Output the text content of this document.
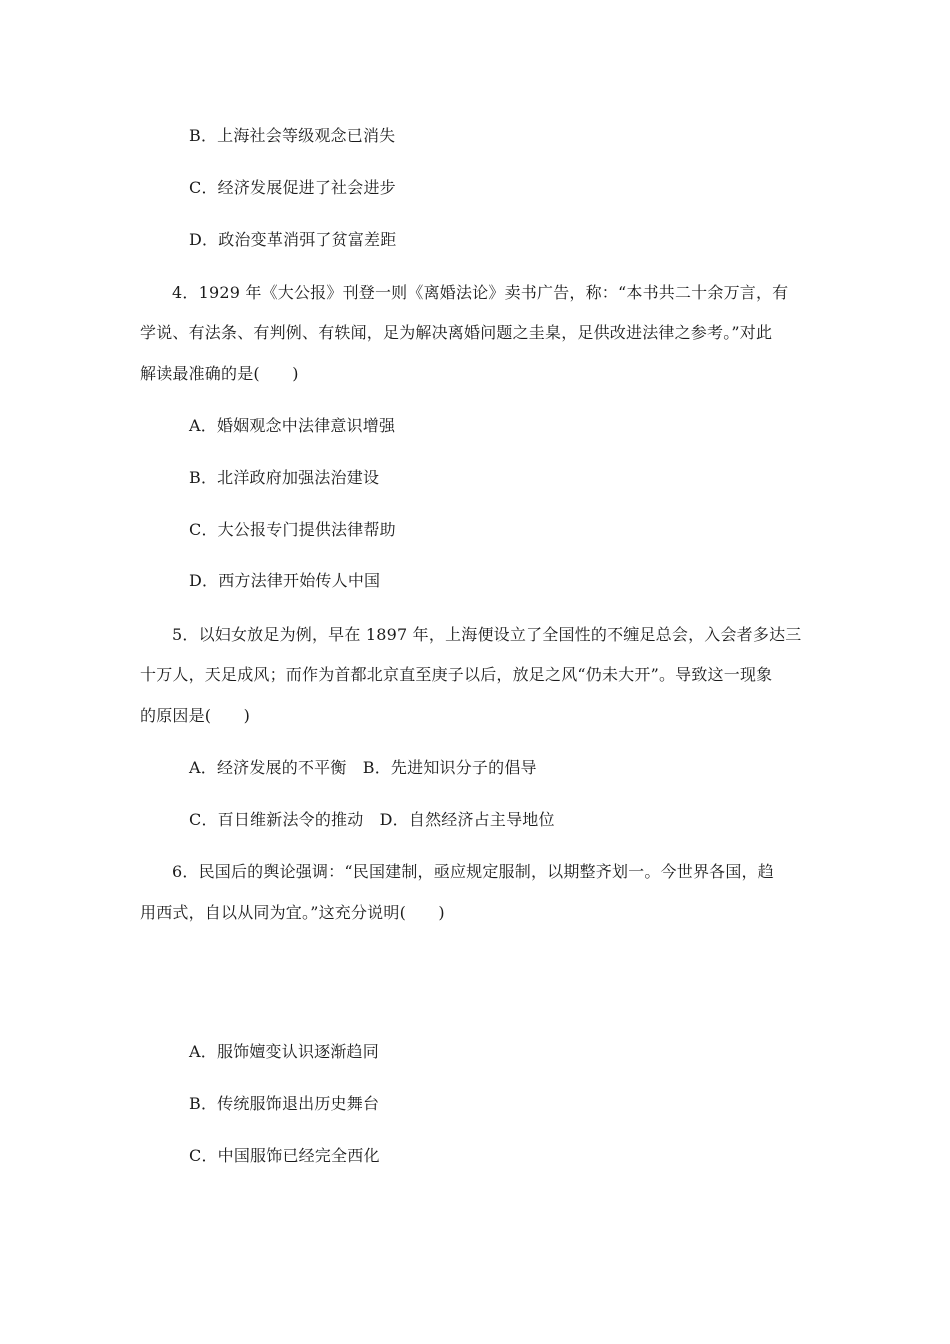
B．上海社会等级观念已消失
C．经济发展促进了社会进步
D．政治变革消弭了贫富差距
4．1929 年《大公报》刊登一则《离婚法论》卖书广告，称：“本书共二十余万言，有
学说、有法条、有判例、有轶闻，足为解决离婚问题之圭臬，足供改进法律之参考。”对此
解读最准确的是(　　)
A．婚姻观念中法律意识增强
B．北洋政府加强法治建设
C．大公报专门提供法律帮助
D．西方法律开始传人中国
5．以妇女放足为例，早在 1897 年，上海便设立了全国性的不缠足总会，入会者多达三
十万人，天足成风；而作为首都北京直至庚子以后，放足之风“仍未大开”。导致这一现象
的原因是(　　)
A．经济发展的不平衡　B．先进知识分子的倡导
C．百日维新法令的推动　D．自然经济占主导地位
6．民国后的舆论强调：“民国建制，亟应规定服制，以期整齐划一。今世界各国，趋
用西式，自以从同为宜。”这充分说明(　　)
A．服饰嬗变认识逐渐趋同
B．传统服饰退出历史舞台
C．中国服饰已经完全西化
